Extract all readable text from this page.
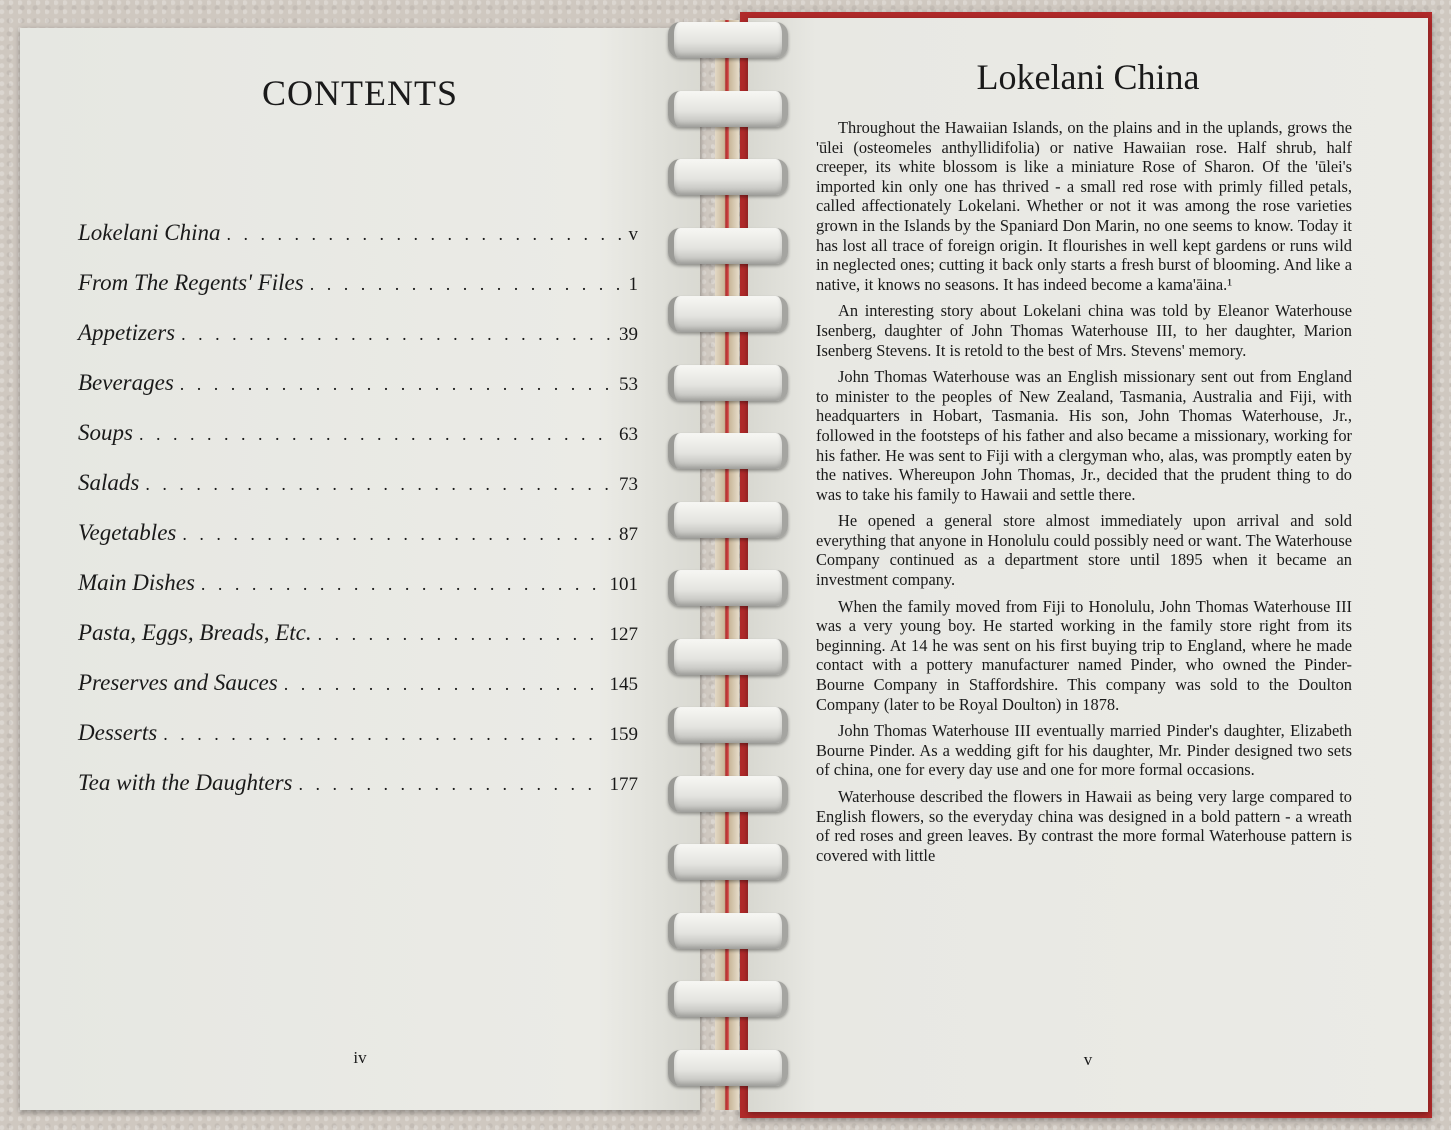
CONTENTS
Lokelani China . . .	v
From The Regents' Files . . .	1
Appetizers . . .	39
Beverages . . .	53
Soups . . .	63
Salads . . .	73
Vegetables . . .	87
Main Dishes . . .	101
Pasta, Eggs, Breads, Etc. . . .	127
Preserves and Sauces . . .	145
Desserts . . .	159
Tea with the Daughters . . .	177
iv
Lokelani China

Throughout the Hawaiian Islands, on the plains and in the uplands, grows the 'ūlei (osteomeles anthyllidifolia) or native Hawaiian rose. Half shrub, half creeper, its white blossom is like a miniature Rose of Sharon. Of the 'ūlei's imported kin only one has thrived - a small red rose with primly filled petals, called affectionately Lokelani. Whether or not it was among the rose varieties grown in the Islands by the Spaniard Don Marin, no one seems to know. Today it has lost all trace of foreign origin. It flourishes in well kept gardens or runs wild in neglected ones; cutting it back only starts a fresh burst of blooming. And like a native, it knows no seasons. It has indeed become a kama'āina.¹

An interesting story about Lokelani china was told by Eleanor Waterhouse Isenberg, daughter of John Thomas Waterhouse III, to her daughter, Marion Isenberg Stevens. It is retold to the best of Mrs. Stevens' memory.

John Thomas Waterhouse was an English missionary sent out from England to minister to the peoples of New Zealand, Tasmania, Australia and Fiji, with headquarters in Hobart, Tasmania. His son, John Thomas Waterhouse, Jr., followed in the footsteps of his father and also became a missionary, working for his father. He was sent to Fiji with a clergyman who, alas, was promptly eaten by the natives. Whereupon John Thomas, Jr., decided that the prudent thing to do was to take his family to Hawaii and settle there.

He opened a general store almost immediately upon arrival and sold everything that anyone in Honolulu could possibly need or want. The Waterhouse Company continued as a department store until 1895 when it became an investment company.

When the family moved from Fiji to Honolulu, John Thomas Waterhouse III was a very young boy. He started working in the family store right from its beginning. At 14 he was sent on his first buying trip to England, where he made contact with a pottery manufacturer named Pinder, who owned the Pinder-Bourne Company in Staffordshire. This company was sold to the Doulton Company (later to be Royal Doulton) in 1878.

John Thomas Waterhouse III eventually married Pinder's daughter, Elizabeth Bourne Pinder. As a wedding gift for his daughter, Mr. Pinder designed two sets of china, one for every day use and one for more formal occasions.

Waterhouse described the flowers in Hawaii as being very large compared to English flowers, so the everyday china was designed in a bold pattern - a wreath of red roses and green leaves. By contrast the more formal Waterhouse pattern is covered with little

v
